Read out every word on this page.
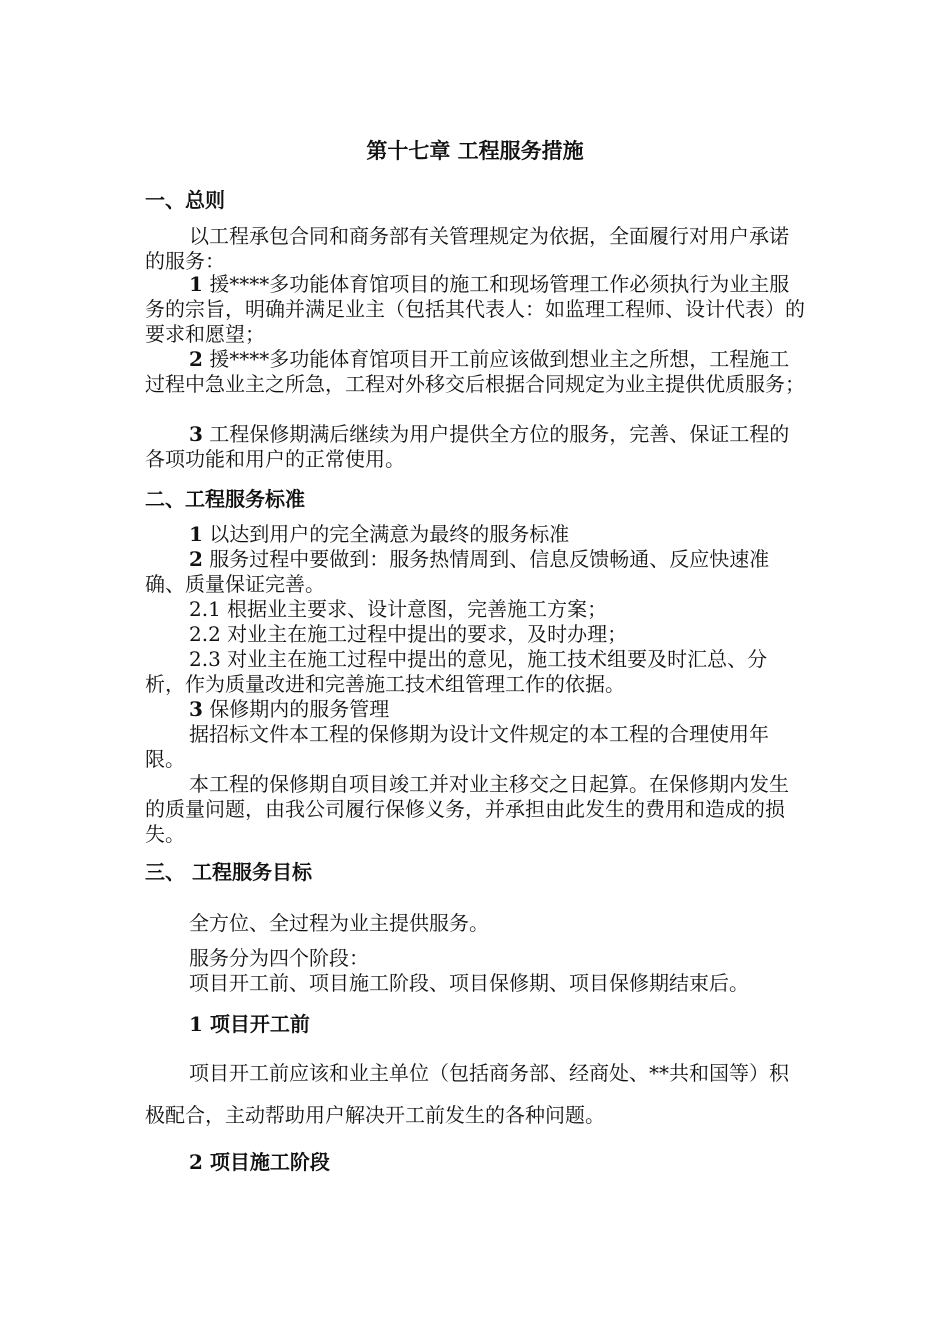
第十七章 工程服务措施
一、总则
以工程承包合同和商务部有关管理规定为依据，全面履行对用户承诺的服务：
1 援****多功能体育馆项目的施工和现场管理工作必须执行为业主服务的宗旨，明确并满足业主（包括其代表人：如监理工程师、设计代表）的要求和愿望；
2 援****多功能体育馆项目开工前应该做到想业主之所想，工程施工过程中急业主之所急，工程对外移交后根据合同规定为业主提供优质服务；
3 工程保修期满后继续为用户提供全方位的服务，完善、保证工程的各项功能和用户的正常使用。
二、工程服务标准
1 以达到用户的完全满意为最终的服务标准
2 服务过程中要做到：服务热情周到、信息反馈畅通、反应快速准确、质量保证完善。
2.1 根据业主要求、设计意图，完善施工方案；
2.2 对业主在施工过程中提出的要求，及时办理；
2.3 对业主在施工过程中提出的意见，施工技术组要及时汇总、分析，作为质量改进和完善施工技术组管理工作的依据。
3 保修期内的服务管理
据招标文件本工程的保修期为设计文件规定的本工程的合理使用年限。
本工程的保修期自项目竣工并对业主移交之日起算。在保修期内发生的质量问题，由我公司履行保修义务，并承担由此发生的费用和造成的损失。
三、 工程服务目标
全方位、全过程为业主提供服务。
服务分为四个阶段：
项目开工前、项目施工阶段、项目保修期、项目保修期结束后。
1 项目开工前
项目开工前应该和业主单位（包括商务部、经商处、**共和国等）积极配合，主动帮助用户解决开工前发生的各种问题。
2 项目施工阶段
